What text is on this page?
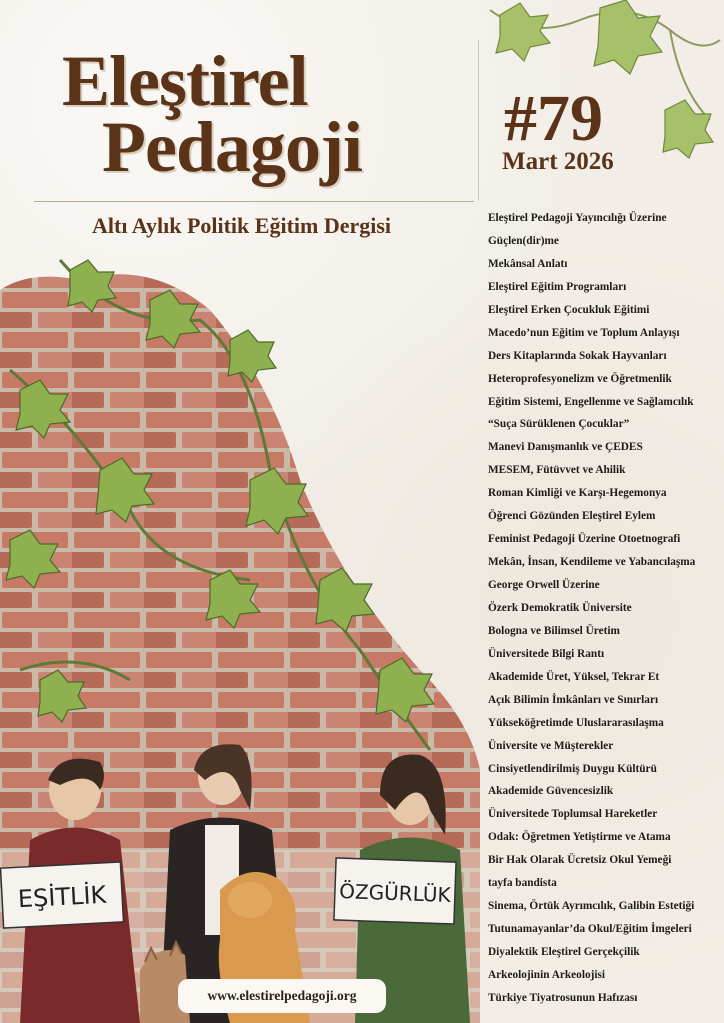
EŞİTLİK	ÖZGÜRLÜK
Eleştirel
Pedagoji #79
Mart 2026
Altı Aylık Politik Eğitim Dergisi	Eleştirel Pedagoji Yayıncılığı Üzerine
Güçlen(dir)me
Mekânsal Anlatı
Eleştirel Eğitim Programları
Eleştirel Erken Çocukluk Eğitimi
Macedo’nun Eğitim ve Toplum Anlayışı
Ders Kitaplarında Sokak Hayvanları
Heteroprofesyonelizm ve Öğretmenlik
Eğitim Sistemi, Engellenme ve Sağlamcılık
“Suça Sürüklenen Çocuklar”
Manevi Danışmanlık ve ÇEDES
MESEM, Fütüvvet ve Ahilik
Roman Kimliği ve Karşı-Hegemonya
Öğrenci Gözünden Eleştirel Eylem
Feminist Pedagoji Üzerine Otoetnografi
Mekân, İnsan, Kendileme ve Yabancılaşma
George Orwell Üzerine
Özerk Demokratik Üniversite
Bologna ve Bilimsel Üretim
Üniversitede Bilgi Rantı
Akademide Üret, Yüksel, Tekrar Et
Açık Bilimin İmkânları ve Sınırları
Yükseköğretimde Uluslararasılaşma
Üniversite ve Müşterekler
Cinsiyetlendirilmiş Duygu Kültürü
Akademide Güvencesizlik
Üniversitede Toplumsal Hareketler
Odak: Öğretmen Yetiştirme ve Atama
Bir Hak Olarak Ücretsiz Okul Yemeği
tayfa bandista
Sinema, Örtük Ayrımcılık, Galibin Estetiği
Tutunamayanlar’da Okul/Eğitim İmgeleri
Diyalektik Eleştirel Gerçekçilik
Arkeolojinin Arkeolojisi
Türkiye Tiyatrosunun Hafızası
www.elestirelpedagoji.org
